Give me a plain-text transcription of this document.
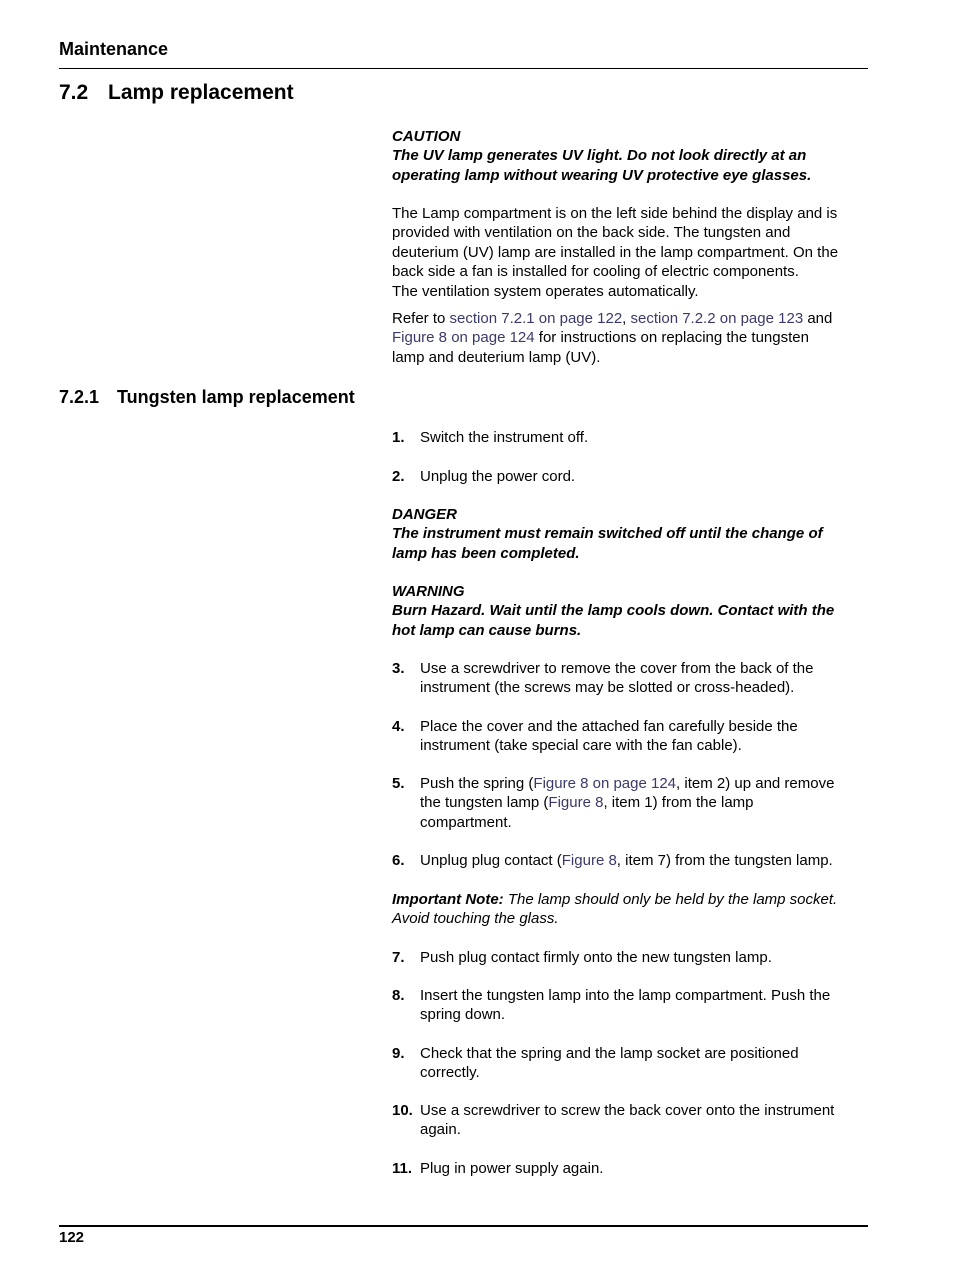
Maintenance
7.2 Lamp replacement
CAUTION
The UV lamp generates UV light. Do not look directly at an
operating lamp without wearing UV protective eye glasses.
The Lamp compartment is on the left side behind the display and is
provided with ventilation on the back side. The tungsten and
deuterium (UV) lamp are installed in the lamp compartment. On the
back side a fan is installed for cooling of electric components.
The ventilation system operates automatically.
Refer to section 7.2.1 on page 122, section 7.2.2 on page 123 and
Figure 8 on page 124 for instructions on replacing the tungsten
lamp and deuterium lamp (UV).
7.2.1 Tungsten lamp replacement
1. Switch the instrument off.
2. Unplug the power cord.
DANGER
The instrument must remain switched off until the change of
lamp has been completed.
WARNING
Burn Hazard. Wait until the lamp cools down. Contact with the
hot lamp can cause burns.
3. Use a screwdriver to remove the cover from the back of the
instrument (the screws may be slotted or cross-headed).
4. Place the cover and the attached fan carefully beside the
instrument (take special care with the fan cable).
5. Push the spring (Figure 8 on page 124, item 2) up and remove
the tungsten lamp (Figure 8, item 1) from the lamp
compartment.
6. Unplug plug contact (Figure 8, item 7) from the tungsten lamp.
Important Note: The lamp should only be held by the lamp socket.
Avoid touching the glass.
7. Push plug contact firmly onto the new tungsten lamp.
8. Insert the tungsten lamp into the lamp compartment. Push the
spring down.
9. Check that the spring and the lamp socket are positioned
correctly.
10. Use a screwdriver to screw the back cover onto the instrument
again.
11. Plug in power supply again.
122
